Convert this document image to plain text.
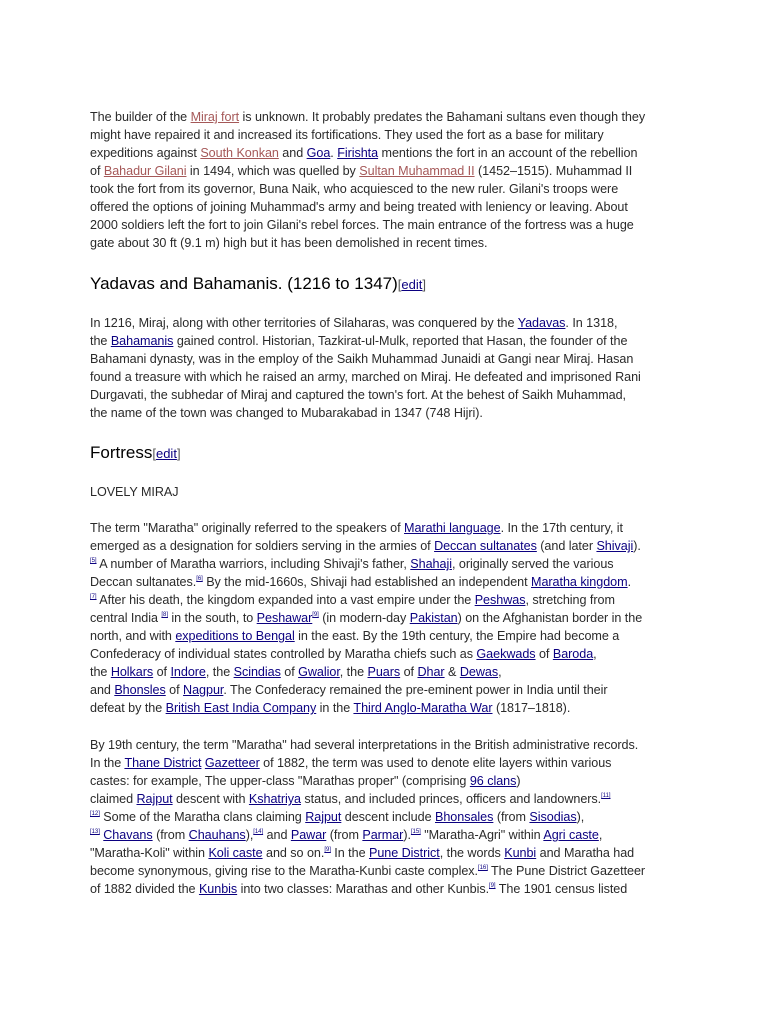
The builder of the Miraj fort is unknown. It probably predates the Bahamani sultans even though they
might have repaired it and increased its fortifications. They used the fort as a base for military
expeditions against South Konkan and Goa. Firishta mentions the fort in an account of the rebellion
of Bahadur Gilani in 1494, which was quelled by Sultan Muhammad II (1452–1515). Muhammad II
took the fort from its governor, Buna Naik, who acquiesced to the new ruler. Gilani's troops were
offered the options of joining Muhammad's army and being treated with leniency or leaving. About
2000 soldiers left the fort to join Gilani's rebel forces. The main entrance of the fortress was a huge
gate about 30 ft (9.1 m) high but it has been demolished in recent times.
Yadavas and Bahamanis. (1216 to 1347)[edit]
In 1216, Miraj, along with other territories of Silaharas, was conquered by the Yadavas. In 1318,
the Bahamanis gained control. Historian, Tazkirat-ul-Mulk, reported that Hasan, the founder of the
Bahamani dynasty, was in the employ of the Saikh Muhammad Junaidi at Gangi near Miraj. Hasan
found a treasure with which he raised an army, marched on Miraj. He defeated and imprisoned Rani
Durgavati, the subhedar of Miraj and captured the town's fort. At the behest of Saikh Muhammad,
the name of the town was changed to Mubarakabad in 1347 (748 Hijri).
Fortress[edit]
LOVELY MIRAJ
The term "Maratha" originally referred to the speakers of Marathi language. In the 17th century, it
emerged as a designation for soldiers serving in the armies of Deccan sultanates (and later Shivaji).
[5] A number of Maratha warriors, including Shivaji's father, Shahaji, originally served the various
Deccan sultanates.[6] By the mid-1660s, Shivaji had established an independent Maratha kingdom.
[7] After his death, the kingdom expanded into a vast empire under the Peshwas, stretching from
central India [8] in the south, to Peshawar[9] (in modern-day Pakistan) on the Afghanistan border in the
north, and with expeditions to Bengal in the east. By the 19th century, the Empire had become a
Confederacy of individual states controlled by Maratha chiefs such as Gaekwads of Baroda,
the Holkars of Indore, the Scindias of Gwalior, the Puars of Dhar & Dewas,
and Bhonsles of Nagpur. The Confederacy remained the pre-eminent power in India until their
defeat by the British East India Company in the Third Anglo-Maratha War (1817–1818).
By 19th century, the term "Maratha" had several interpretations in the British administrative records.
In the Thane District Gazetteer of 1882, the term was used to denote elite layers within various
castes: for example, The upper-class "Marathas proper" (comprising 96 clans)
claimed Rajput descent with Kshatriya status, and included princes, officers and landowners.[11]
[12] Some of the Maratha clans claiming Rajput descent include Bhonsales (from Sisodias),
[13] Chavans (from Chauhans),[14] and Pawar (from Parmar).[15] "Maratha-Agri" within Agri caste,
"Maratha-Koli" within Koli caste and so on.[9] In the Pune District, the words Kunbi and Maratha had
become synonymous, giving rise to the Maratha-Kunbi caste complex.[16] The Pune District Gazetteer
of 1882 divided the Kunbis into two classes: Marathas and other Kunbis.[9] The 1901 census listed
